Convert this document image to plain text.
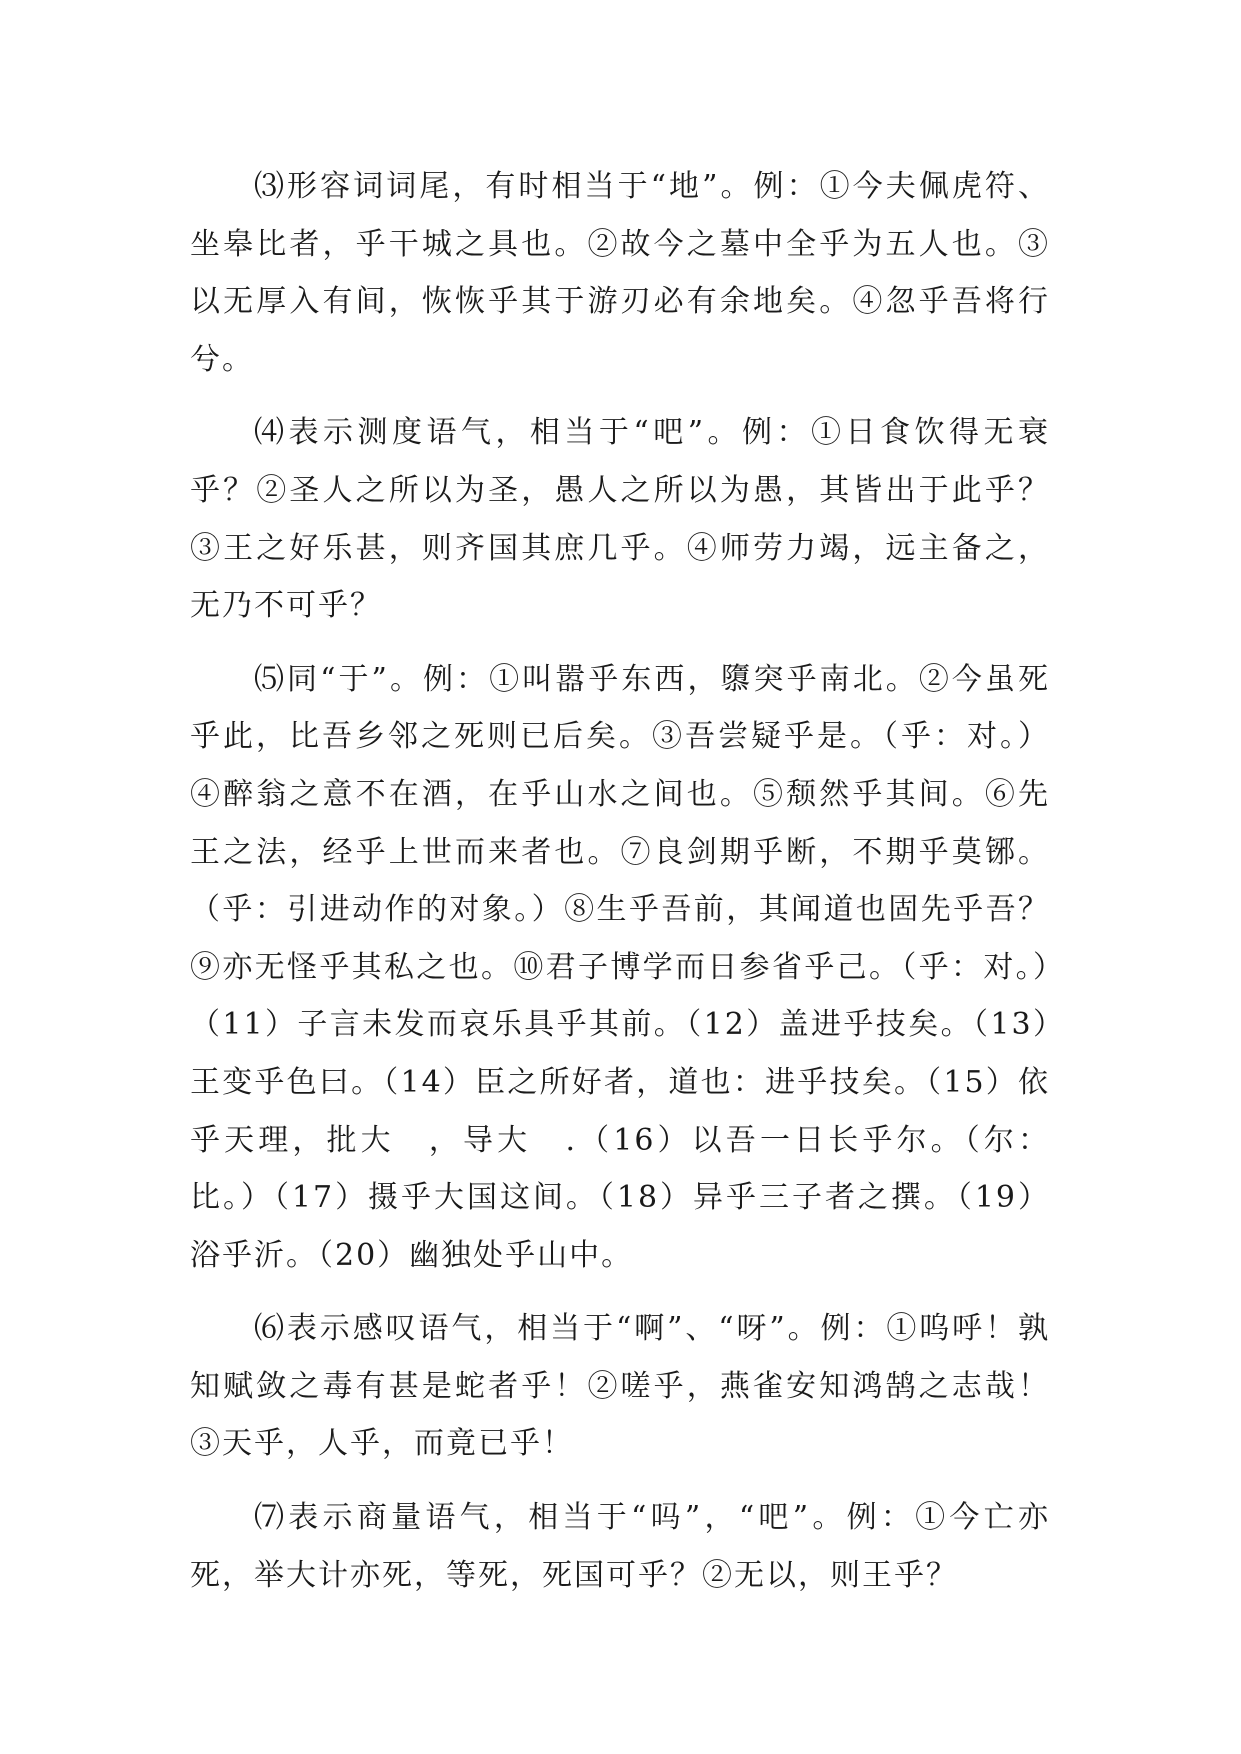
⑶形容词词尾，有时相当于“地”。例：①今夫佩虎符、坐皋比者，乎干城之具也。②故今之墓中全乎为五人也。③以无厚入有间，恢恢乎其于游刃必有余地矣。④忽乎吾将行兮。

⑷表示测度语气，相当于“吧”。例：①日食饮得无衰乎？②圣人之所以为圣，愚人之所以为愚，其皆出于此乎？③王之好乐甚，则齐国其庶几乎。④师劳力竭，远主备之，无乃不可乎？

⑸同“于”。例：①叫嚣乎东西，隳突乎南北。②今虽死乎此，比吾乡邻之死则已后矣。③吾尝疑乎是。（乎：对。）④醉翁之意不在酒，在乎山水之间也。⑤颓然乎其间。⑥先王之法，经乎上世而来者也。⑦良剑期乎断，不期乎莫铘。（乎：引进动作的对象。）⑧生乎吾前，其闻道也固先乎吾？⑨亦无怪乎其私之也。⑩君子博学而日参省乎己。（乎：对。）（11）子言未发而哀乐具乎其前。（12）盖进乎技矣。（13）王变乎色曰。（14）臣之所好者，道也：进乎技矣。（15）依乎天理，批大　，导大　.（16）以吾一日长乎尔。（尔：比。）（17）摄乎大国这间。（18）异乎三子者之撰。（19）浴乎沂。（20）幽独处乎山中。

⑹表示感叹语气，相当于“啊”、“呀”。例：①呜呼！孰知赋敛之毒有甚是蛇者乎！②嗟乎，燕雀安知鸿鹄之志哉！③天乎，人乎，而竟已乎！

⑺表示商量语气，相当于“吗”，“吧”。例：①今亡亦死，举大计亦死，等死，死国可乎？②无以，则王乎？
